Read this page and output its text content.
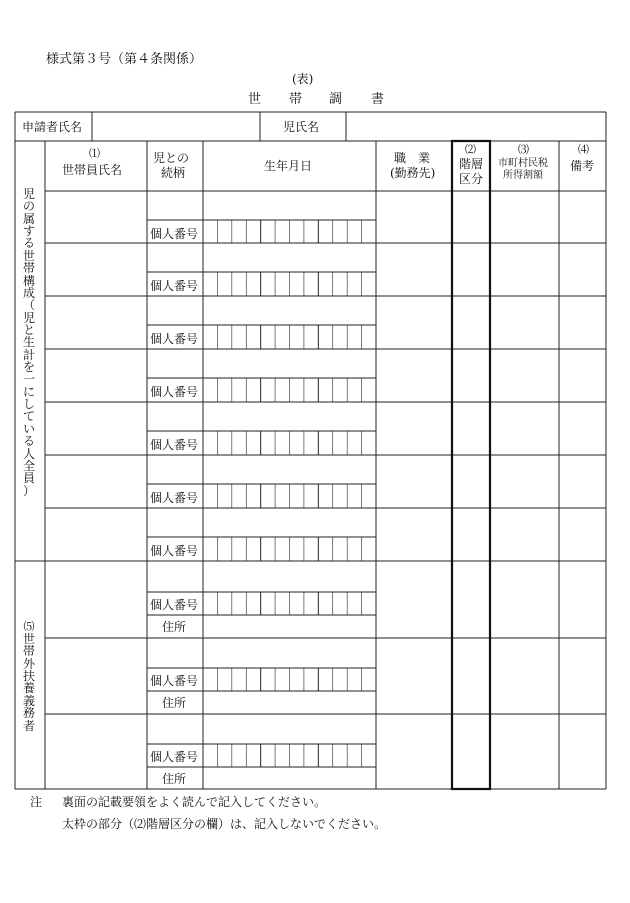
様式第３号（第４条関係）
(表)
世 帯 調 書
申請者氏名	児氏名
⑴
世帯員氏名
児との
続柄	生年月日
職　業
(勤務先)
⑵
階層
区分
⑶
市町村民税
所得割額
⑷
備考
児
の
属
す
る
世
帯
構
成
（
児
と
生
計
を
一
に
し
て
い
る
人
全
員
）
⑸
世
帯
外
扶
養
義
務
者
個人番号
個人番号
個人番号
個人番号
個人番号
個人番号
個人番号
個人番号
住所
個人番号
住所
個人番号
住所
注 裏面の記載要領をよく読んで記入してください。
太枠の部分（⑵階層区分の欄）は、記入しないでください。
